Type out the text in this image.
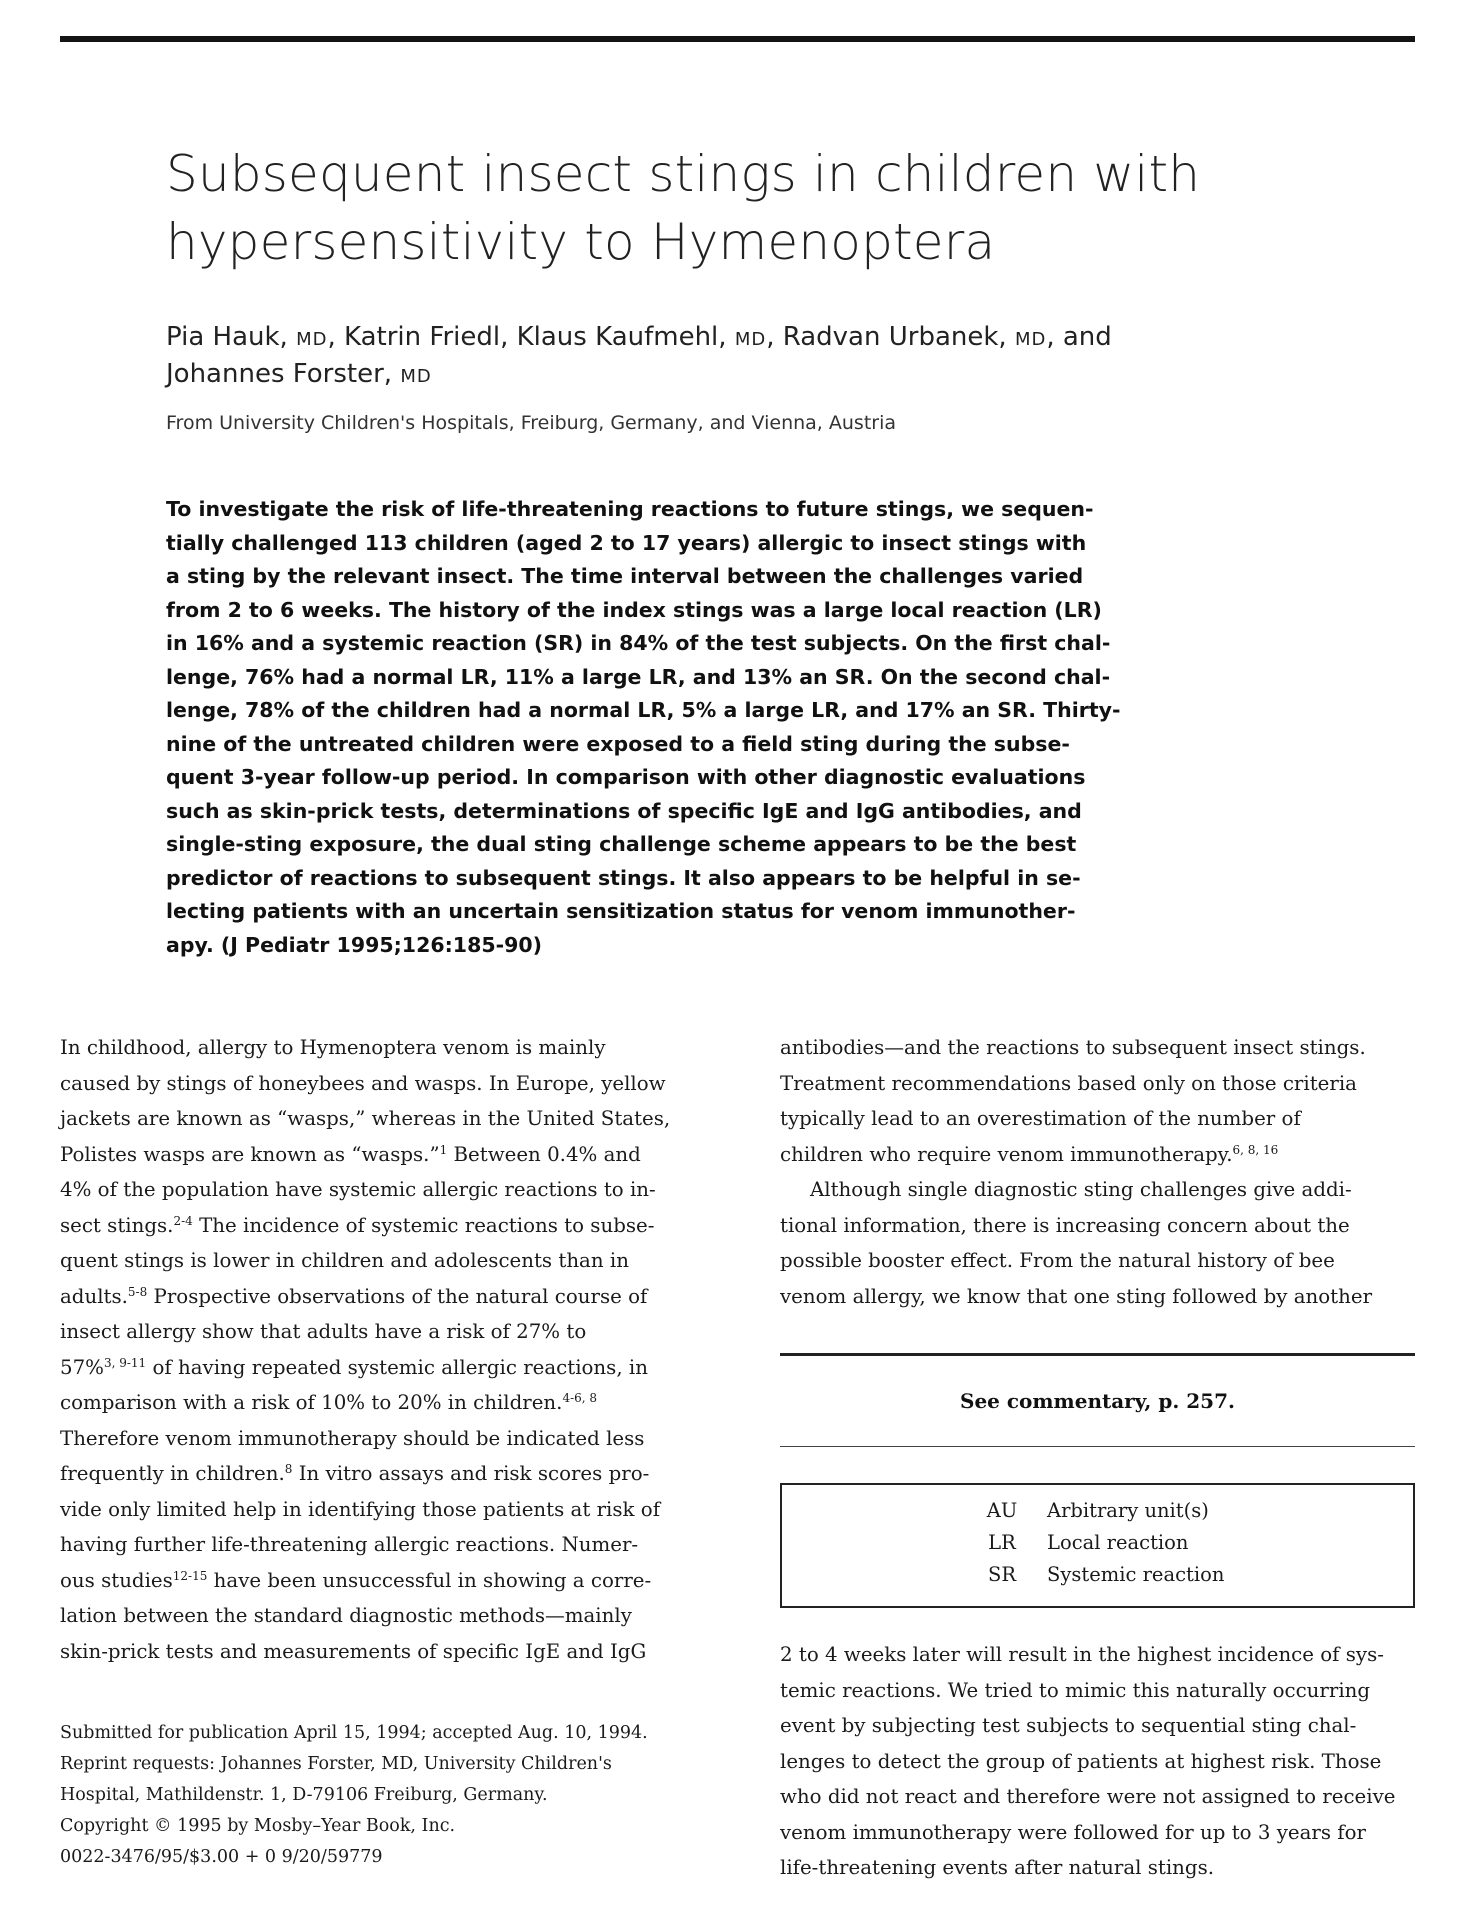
Subsequent insect stings in children with
hypersensitivity to Hymenoptera
Pia Hauk, MD, Katrin Friedl, Klaus Kaufmehl, MD, Radvan Urbanek, MD, and
Johannes Forster, MD
From University Children's Hospitals, Freiburg, Germany, and Vienna, Austria
To investigate the risk of life-threatening reactions to future stings, we sequen-
tially challenged 113 children (aged 2 to 17 years) allergic to insect stings with
a sting by the relevant insect. The time interval between the challenges varied
from 2 to 6 weeks. The history of the index stings was a large local reaction (LR)
in 16% and a systemic reaction (SR) in 84% of the test subjects. On the first chal-
lenge, 76% had a normal LR, 11% a large LR, and 13% an SR. On the second chal-
lenge, 78% of the children had a normal LR, 5% a large LR, and 17% an SR. Thirty-
nine of the untreated children were exposed to a field sting during the subse-
quent 3-year follow-up period. In comparison with other diagnostic evaluations
such as skin-prick tests, determinations of specific IgE and IgG antibodies, and
single-sting exposure, the dual sting challenge scheme appears to be the best
predictor of reactions to subsequent stings. It also appears to be helpful in se-
lecting patients with an uncertain sensitization status for venom immunother-
apy. (J Pediatr 1995;126:185-90)
In childhood, allergy to Hymenoptera venom is mainly
caused by stings of honeybees and wasps. In Europe, yellow
jackets are known as “wasps,” whereas in the United States,
Polistes wasps are known as “wasps.”$^1$ Between 0.4% and
4% of the population have systemic allergic reactions to in-
sect stings.$^{2-4}$ The incidence of systemic reactions to subse-
quent stings is lower in children and adolescents than in
adults.$^{5-8}$ Prospective observations of the natural course of
insect allergy show that adults have a risk of 27% to
57%$^{3, 9-11}$ of having repeated systemic allergic reactions, in
comparison with a risk of 10% to 20% in children.$^{4-6, 8}$
Therefore venom immunotherapy should be indicated less
frequently in children.$^8$ In vitro assays and risk scores pro-
vide only limited help in identifying those patients at risk of
having further life-threatening allergic reactions. Numer-
ous studies$^{12-15}$ have been unsuccessful in showing a corre-
lation between the standard diagnostic methods—mainly
skin-prick tests and measurements of specific IgE and IgG
antibodies—and the reactions to subsequent insect stings.
Treatment recommendations based only on those criteria
typically lead to an overestimation of the number of
children who require venom immunotherapy.$^{6, 8, 16}$
Although single diagnostic sting challenges give addi-
tional information, there is increasing concern about the
possible booster effect. From the natural history of bee
venom allergy, we know that one sting followed by another
See commentary, p. 257.
AU	Arbitrary unit(s)
LR	Local reaction
SR	Systemic reaction
2 to 4 weeks later will result in the highest incidence of sys-
temic reactions. We tried to mimic this naturally occurring
event by subjecting test subjects to sequential sting chal-
lenges to detect the group of patients at highest risk. Those
who did not react and therefore were not assigned to receive
venom immunotherapy were followed for up to 3 years for
life-threatening events after natural stings.
Submitted for publication April 15, 1994; accepted Aug. 10, 1994.
Reprint requests: Johannes Forster, MD, University Children's
Hospital, Mathildenstr. 1, D-79106 Freiburg, Germany.
Copyright © 1995 by Mosby–Year Book, Inc.
0022-3476/95/$3.00 + 0 9/20/59779
